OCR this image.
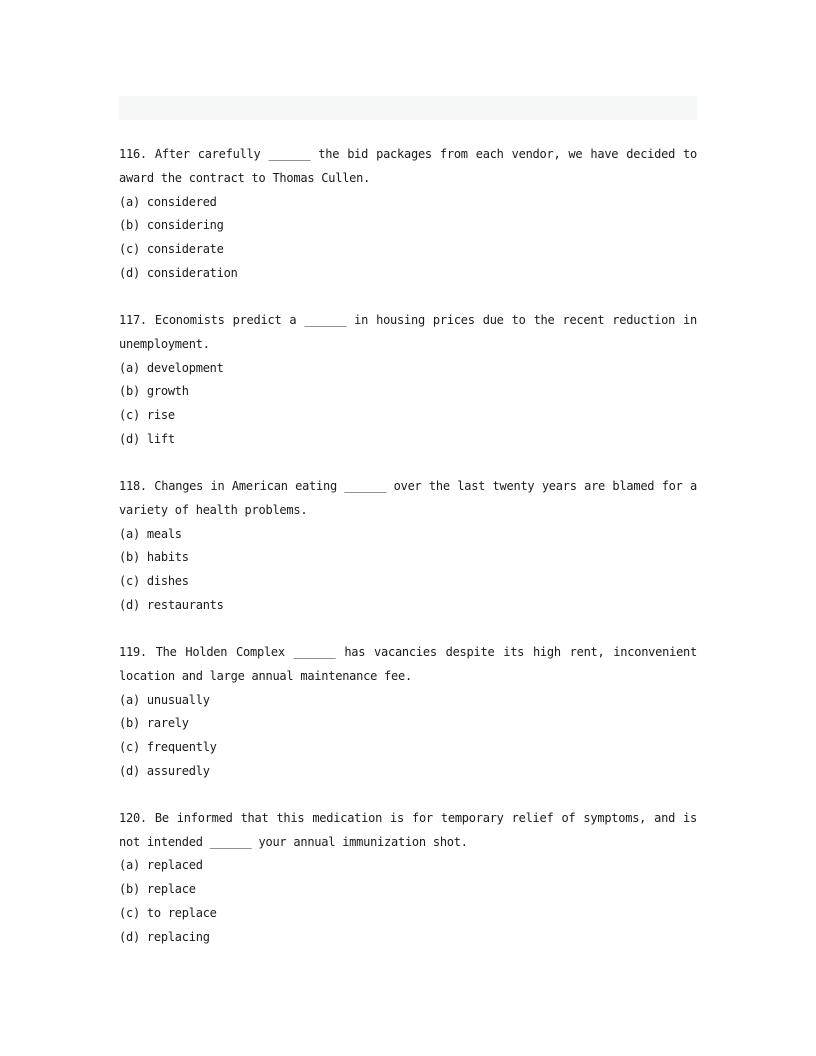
116. After carefully ______ the bid packages from each vendor, we have decided to
award the contract to Thomas Cullen.
(a) considered
(b) considering
(c) considerate
(d) consideration
117. Economists predict a ______ in housing prices due to the recent reduction in
unemployment.
(a) development
(b) growth
(c) rise
(d) lift
118. Changes in American eating ______ over the last twenty years are blamed for a
variety of health problems.
(a) meals
(b) habits
(c) dishes
(d) restaurants
119. The Holden Complex ______ has vacancies despite its high rent, inconvenient
location and large annual maintenance fee.
(a) unusually
(b) rarely
(c) frequently
(d) assuredly
120. Be informed that this medication is for temporary relief of symptoms, and is
not intended ______ your annual immunization shot.
(a) replaced
(b) replace
(c) to replace
(d) replacing
